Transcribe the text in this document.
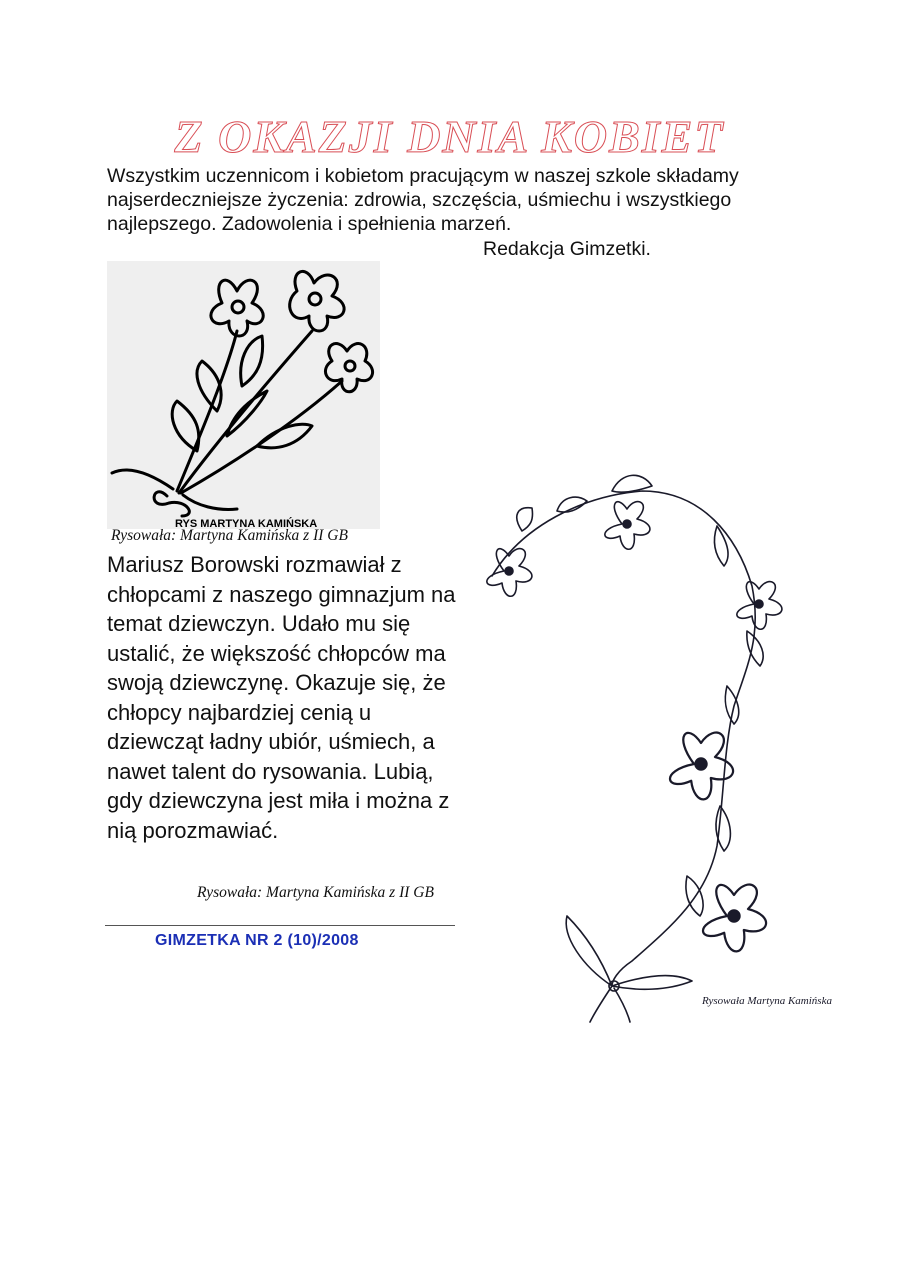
Z OKAZJI DNIA KOBIET
Wszystkim uczennicom i kobietom pracującym w naszej szkole składamy najserdeczniejsze życzenia: zdrowia, szczęścia, uśmiechu i wszystkiego najlepszego. Zadowolenia i spełnienia marzeń.
Redakcja Gimzetki.
RYS MARTYNA KAMIŃSKA
Rysowała: Martyna Kamińska z II GB
Mariusz Borowski rozmawiał z chłopcami z naszego gimnazjum na temat dziewczyn. Udało mu się ustalić, że większość chłopców ma swoją dziewczynę. Okazuje się, że chłopcy najbardziej cenią u dziewcząt ładny ubiór, uśmiech, a nawet talent do rysowania. Lubią, gdy dziewczyna jest miła i można z nią porozmawiać.
Rysowała: Martyna Kamińska z II GB
GIMZETKA NR 2 (10)/2008
Rysowała Martyna Kamińska
